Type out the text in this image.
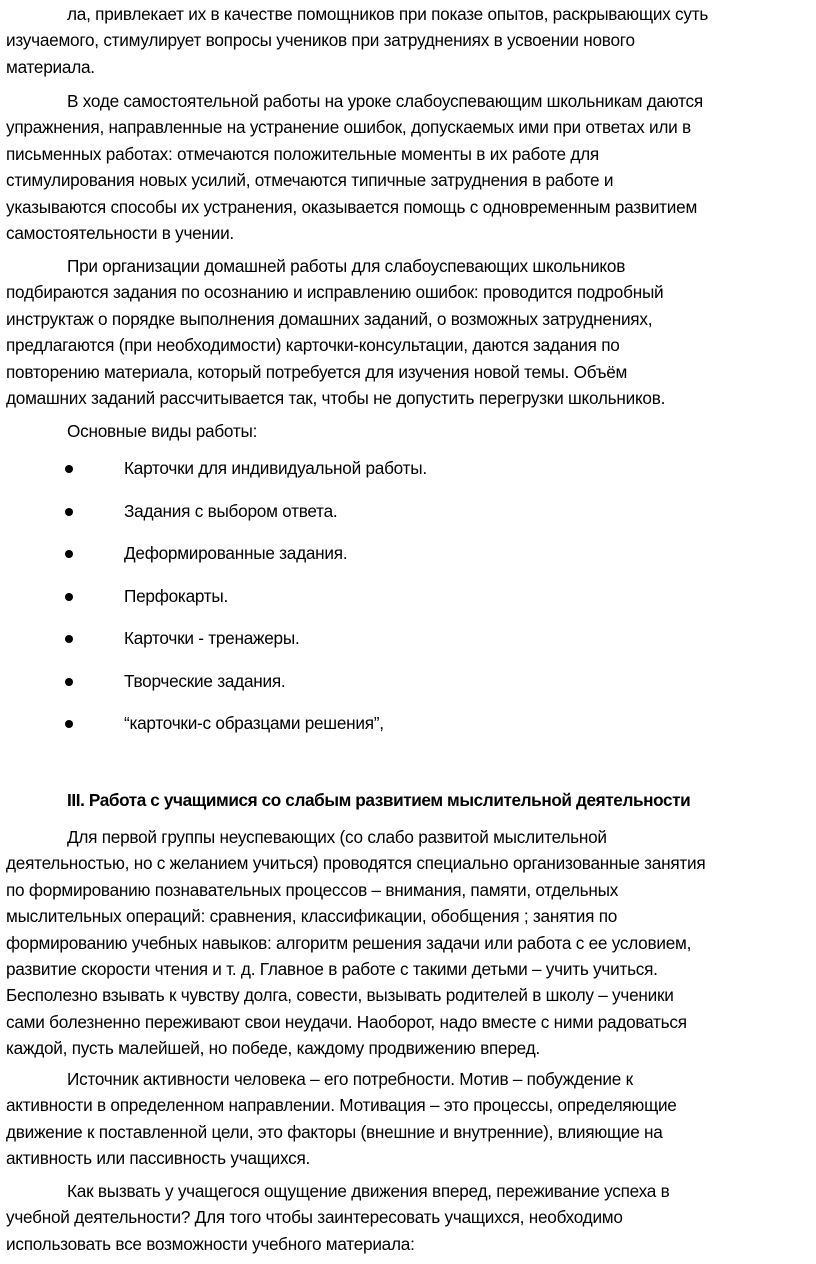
ла, привлекает их в качестве помощников при показе опытов, раскрывающих суть
изучаемого, стимулирует вопросы учеников при затруднениях в усвоении нового
материала.

В ходе самостоятельной работы на уроке слабоуспевающим школьникам даются
упражнения, направленные на устранение ошибок, допускаемых ими при ответах или в
письменных работах: отмечаются положительные моменты в их работе для
стимулирования новых усилий, отмечаются типичные затруднения в работе и
указываются способы их устранения, оказывается помощь с одновременным развитием
самостоятельности в учении.

При организации домашней работы для слабоуспевающих школьников
подбираются задания по осознанию и исправлению ошибок: проводится подробный
инструктаж о порядке выполнения домашних заданий, о возможных затруднениях,
предлагаются (при необходимости) карточки-консультации, даются задания по
повторению материала, который потребуется для изучения новой темы. Объём
домашних заданий рассчитывается так, чтобы не допустить перегрузки школьников.

Основные виды работы:

Карточки для индивидуальной работы.
Задания с выбором ответа.
Деформированные задания.
Перфокарты.
Карточки - тренажеры.
Творческие задания.
“карточки-с образцами решения”,

III. Работа с учащимися со слабым развитием мыслительной деятельности

Для первой группы неуспевающих (со слабо развитой мыслительной
деятельностью, но с желанием учиться) проводятся специально организованные занятия
по формированию познавательных процессов – внимания, памяти, отдельных
мыслительных операций: сравнения, классификации, обобщения ; занятия по
формированию учебных навыков: алгоритм решения задачи или работа с ее условием,
развитие скорости чтения и т. д. Главное в работе с такими детьми – учить учиться.
Бесполезно взывать к чувству долга, совести, вызывать родителей в школу – ученики
сами болезненно переживают свои неудачи. Наоборот, надо вместе с ними радоваться
каждой, пусть малейшей, но победе, каждому продвижению вперед.

Источник активности человека – его потребности. Мотив – побуждение к
активности в определенном направлении. Мотивация – это процессы, определяющие
движение к поставленной цели, это факторы (внешние и внутренние), влияющие на
активность или пассивность учащихся.

Как вызвать у учащегося ощущение движения вперед, переживание успеха в
учебной деятельности? Для того чтобы заинтересовать учащихся, необходимо
использовать все возможности учебного материала:
